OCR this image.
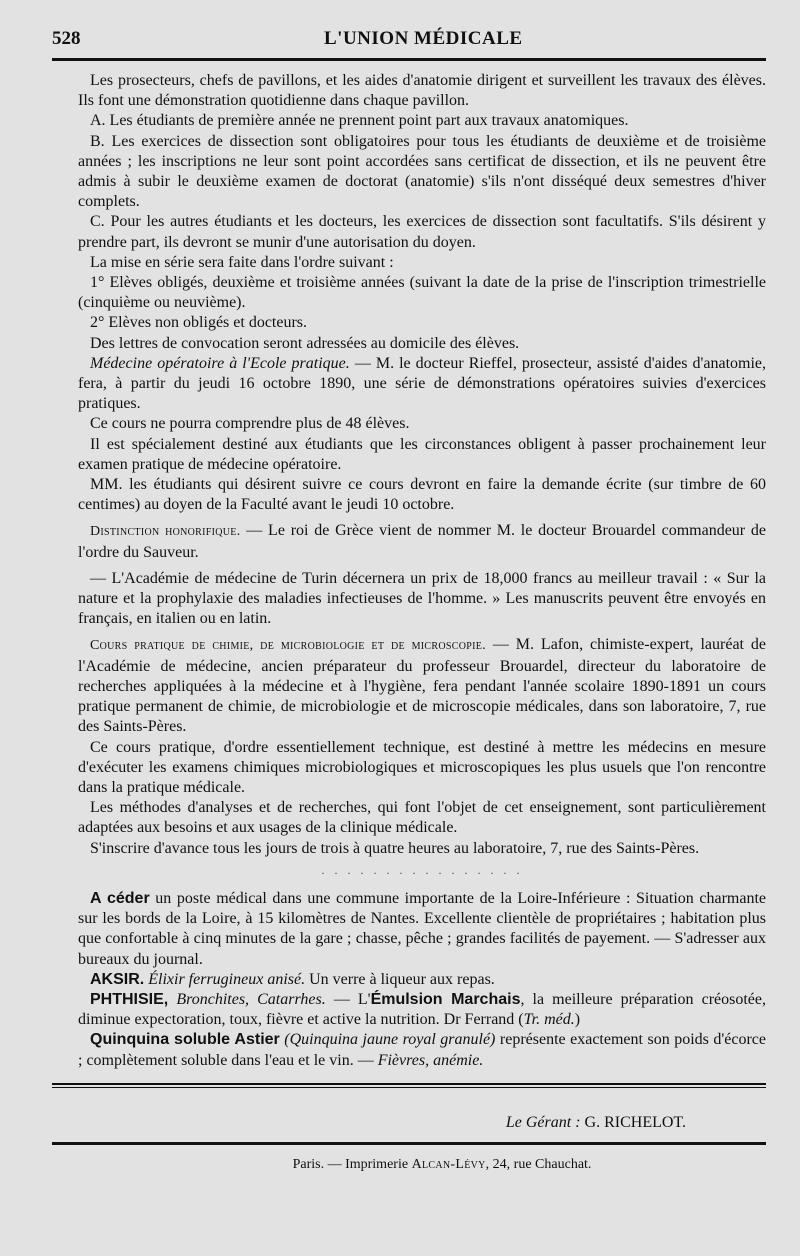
528	L'UNION MÉDICALE

Les prosecteurs, chefs de pavillons, et les aides d'anatomie dirigent et surveillent les travaux des élèves. Ils font une démonstration quotidienne dans chaque pavillon.

A. Les étudiants de première année ne prennent point part aux travaux anatomiques.

B. Les exercices de dissection sont obligatoires pour tous les étudiants de deuxième et de troisième années ; les inscriptions ne leur sont point accordées sans certificat de dissection, et ils ne peuvent être admis à subir le deuxième examen de doctorat (anatomie) s'ils n'ont disséqué deux semestres d'hiver complets.

C. Pour les autres étudiants et les docteurs, les exercices de dissection sont facultatifs. S'ils désirent y prendre part, ils devront se munir d'une autorisation du doyen.

La mise en série sera faite dans l'ordre suivant :

1° Elèves obligés, deuxième et troisième années (suivant la date de la prise de l'inscription trimestrielle (cinquième ou neuvième).

2° Elèves non obligés et docteurs.

Des lettres de convocation seront adressées au domicile des élèves.

Médecine opératoire à l'Ecole pratique. — M. le docteur Rieffel, prosecteur, assisté d'aides d'anatomie, fera, à partir du jeudi 16 octobre 1890, une série de démonstrations opératoires suivies d'exercices pratiques.

Ce cours ne pourra comprendre plus de 48 élèves.

Il est spécialement destiné aux étudiants que les circonstances obligent à passer prochainement leur examen pratique de médecine opératoire.

MM. les étudiants qui désirent suivre ce cours devront en faire la demande écrite (sur timbre de 60 centimes) au doyen de la Faculté avant le jeudi 10 octobre.

Distinction honorifique. — Le roi de Grèce vient de nommer M. le docteur Brouardel commandeur de l'ordre du Sauveur.

— L'Académie de médecine de Turin décernera un prix de 18,000 francs au meilleur travail : « Sur la nature et la prophylaxie des maladies infectieuses de l'homme. » Les manuscrits peuvent être envoyés en français, en italien ou en latin.

Cours pratique de chimie, de microbiologie et de microscopie. — M. Lafon, chimiste-expert, lauréat de l'Académie de médecine, ancien préparateur du professeur Brouardel, directeur du laboratoire de recherches appliquées à la médecine et à l'hygiène, fera pendant l'année scolaire 1890-1891 un cours pratique permanent de chimie, de microbiologie et de microscopie médicales, dans son laboratoire, 7, rue des Saints-Pères.

Ce cours pratique, d'ordre essentiellement technique, est destiné à mettre les médecins en mesure d'exécuter les examens chimiques microbiologiques et microscopiques les plus usuels que l'on rencontre dans la pratique médicale.

Les méthodes d'analyses et de recherches, qui font l'objet de cet enseignement, sont particulièrement adaptées aux besoins et aux usages de la clinique médicale.

S'inscrire d'avance tous les jours de trois à quatre heures au laboratoire, 7, rue des Saints-Pères.

· · · · · · · · · · · · · · · ·

A céder un poste médical dans une commune importante de la Loire-Inférieure : Situation charmante sur les bords de la Loire, à 15 kilomètres de Nantes. Excellente clientèle de propriétaires ; habitation plus que confortable à cinq minutes de la gare ; chasse, pêche ; grandes facilités de payement. — S'adresser aux bureaux du journal.

AKSIR. Élixir ferrugineux anisé. Un verre à liqueur aux repas.

PHTHISIE, Bronchites, Catarrhes. — L'Émulsion Marchais, la meilleure préparation créosotée, diminue expectoration, toux, fièvre et active la nutrition. Dr Ferrand (Tr. méd.)

Quinquina soluble Astier (Quinquina jaune royal granulé) représente exactement son poids d'écorce ; complètement soluble dans l'eau et le vin. — Fièvres, anémie.

Le Gérant : G. RICHELOT.
Paris. — Imprimerie Alcan-Lévy, 24, rue Chauchat.
